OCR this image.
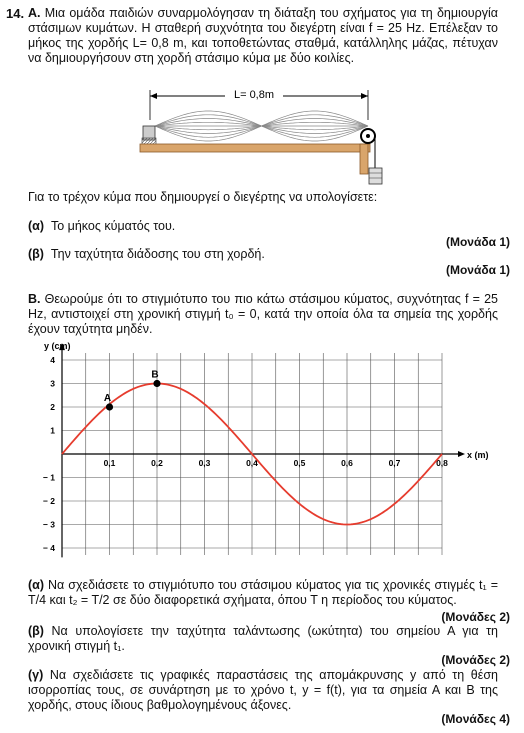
14. A. Μια ομάδα παιδιών συναρμολόγησαν τη διάταξη του σχήματος για τη δημιουργία στάσιμων κυμάτων. Η σταθερή συχνότητα του διεγέρτη είναι f = 25 Hz. Επέλεξαν το μήκος της χορδής L= 0,8 m, και τοποθετώντας σταθμά, κατάλληλης μάζας, πέτυχαν να δημιουργήσουν στη χορδή στάσιμο κύμα με δύο κοιλίες.
L= 0,8m
Για το τρέχον κύμα που δημιουργεί ο διεγέρτης να υπολογίσετε:
(α) Το μήκος κύματός του.
(Μονάδα 1)
(β) Την ταχύτητα διάδοσης του στη χορδή.
(Μονάδα 1)
B. Θεωρούμε ότι το στιγμιότυπο του πιο κάτω στάσιμου κύματος, συχνότητας f = 25 Hz, αντιστοιχεί στη χρονική στιγμή t₀ = 0, κατά την οποία όλα τα σημεία της χορδής έχουν ταχύτητα μηδέν.
y (cm)
x (m)
0,1	0,2	0,3	0,4	0,5	0,6	0,7	0,8
4
3
2
1
− 1
− 2
− 3
− 4
A
B
(α) Να σχεδιάσετε το στιγμιότυπο του στάσιμου κύματος για τις χρονικές στιγμές t₁ = T/4 και t₂ = T/2 σε δύο διαφορετικά σχήματα, όπου T η περίοδος του κύματος.
(Μονάδες 2)
(β) Να υπολογίσετε την ταχύτητα ταλάντωσης (ωκύτητα) του σημείου Α για τη χρονική στιγμή t₁.
(Μονάδες 2)
(γ) Να σχεδιάσετε τις γραφικές παραστάσεις της απομάκρυνσης y από τη θέση ισορροπίας τους, σε συνάρτηση με το χρόνο t, y = f(t), για τα σημεία Α και Β της χορδής, στους ίδιους βαθμολογημένους άξονες.
(Μονάδες 4)
